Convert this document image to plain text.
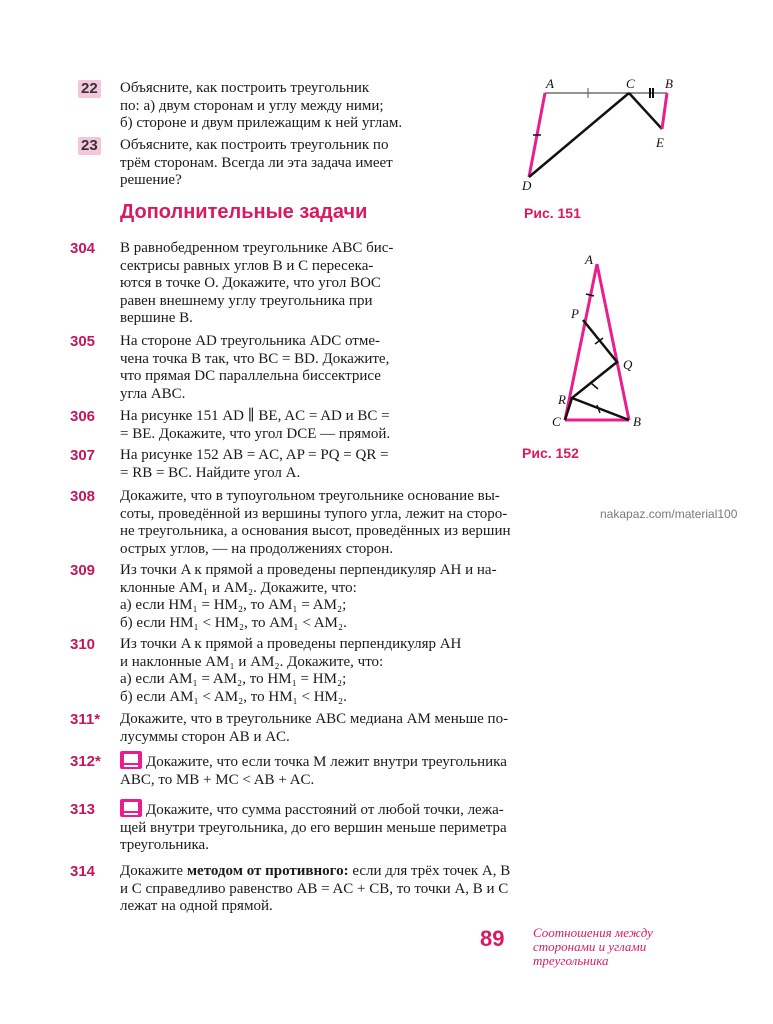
22 Объясните, как построить треугольник
по: а) двум сторонам и углу между ними;
б) стороне и двум прилежащим к ней углам.
23 Объясните, как построить треугольник по
трём сторонам. Всегда ли эта задача имеет
решение?
Дополнительные задачи
A	C B
E
D
Рис. 151
A
P
Q
R
C	B
Рис. 152
304 В равнобедренном треугольнике ABC бис-
сектрисы равных углов B и C пересека-
ются в точке O. Докажите, что угол BOC
равен внешнему углу треугольника при
вершине B.
305 На стороне AD треугольника ADC отме-
чена точка B так, что BC = BD. Докажите,
что прямая DC параллельна биссектрисе
угла ABC.
306 На рисунке 151 AD ∥ BE, AC = AD и BC =
= BE. Докажите, что угол DCE — прямой.
307 На рисунке 152 AB = AC, AP = PQ = QR =
= RB = BC. Найдите угол A.
308 Докажите, что в тупоугольном треугольнике основание вы-
соты, проведённой из вершины тупого угла, лежит на сторо-
не треугольника, а основания высот, проведённых из вершин
острых углов, — на продолжениях сторон.
nakapaz.com/material100
309 Из точки A к прямой a проведены перпендикуляр AH и на-
клонные AM₁ и AM₂. Докажите, что:
а) если HM₁ = HM₂, то AM₁ = AM₂;
б) если HM₁ < HM₂, то AM₁ < AM₂.
310 Из точки A к прямой a проведены перпендикуляр AH
и наклонные AM₁ и AM₂. Докажите, что:
а) если AM₁ = AM₂, то HM₁ = HM₂;
б) если AM₁ < AM₂, то HM₁ < HM₂.
311* Докажите, что в треугольнике ABC медиана AM меньше по-
лусуммы сторон AB и AC.
312*	Докажите, что если точка M лежит внутри треугольника
ABC, то MB + MC < AB + AC.
313	Докажите, что сумма расстояний от любой точки, лежа-
щей внутри треугольника, до его вершин меньше периметра
треугольника.
314 Докажите методом от противного: если для трёх точек A, B
и C справедливо равенство AB = AC + CB, то точки A, B и C
лежат на одной прямой.
89 Соотношения между
сторонами и углами
треугольника
